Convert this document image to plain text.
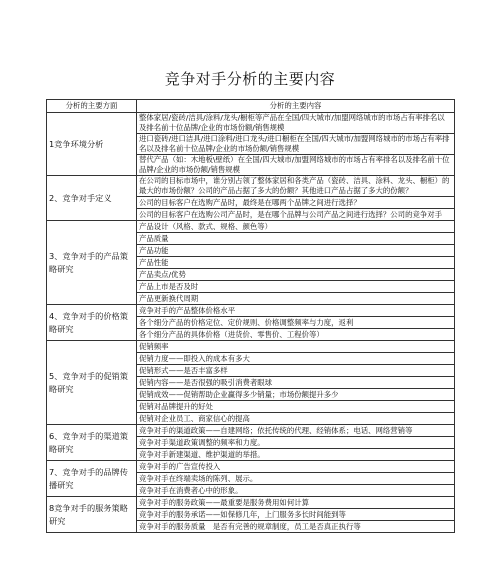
竞争对手分析的主要内容
分析的主要方面	分析的主要内容
1竞争环境分析	整体家居/瓷砖/洁具/涂料/龙头/橱柜等产品在全国/四大城市/加盟网络城市的市场占有率排名以及排名前十位品牌/企业的市场份额/销售规模
	进口瓷砖/进口洁具/进口涂料/进口龙头/进口橱柜在全国/四大城市/加盟网络城市的市场占有率排名以及排名前十位品牌/企业的市场份额/销售规模
	替代产品（如：木地板\壁纸）在全国/四大城市/加盟网络城市的市场占有率排名以及排名前十位品牌/企业的市场份额/销售规模
2、竞争对手定义	在公司的目标市场中，谁分别占领了整体家居和各类产品（瓷砖、洁具、涂料、龙头、橱柜）的最大的市场份额？公司的产品占据了多大的份额？其他进口产品占据了多大的份额？
	公司的目标客户在选购产品时，最终是在哪两个品牌之间进行选择？
	公司的目标客户在选购公司产品时，是在哪个品牌与公司产品之间进行选择？公司的竞争对手
3、竞争对手的产品策略研究	产品设计（风格、款式、规格、颜色等）
	产品质量
	产品功能
	产品性能
	产品卖点/优势
	产品上市是否及时
	产品更新换代周期
4、竞争对手的价格策略研究	竞争对手的产品整体价格水平
	各个细分产品的价格定位、定价规则、价格调整频率与力度，返利
	各个细分产品的具体价格（进货价、零售价、工程价等）
5、竞争对手的促销策略研究	促销频率
	促销力度——即投入的成本有多大
	促销形式——是否丰富多样
	促销内容——是否很强的吸引消费者眼球
	促销成效——促销帮助企业赢得多少销量；市场份额提升多少
	促销对品牌提升的好处
	促销对企业员工、商家信心的提高
6、竞争对手的渠道策略研究	竞争对手的渠道政策——自建网络；依托传统的代理、经销体系；电话、网络营销等
	竞争对手渠道政策调整的频率和力度。
	竞争对手新建渠道、维护渠道的举措。
7、竞争对手的品牌传播研究	竞争对手的广告宣传投入
	竞争对手在终端卖场的陈列、展示。
	竞争对手在消费者心中的形象。
8竞争对手的服务策略研究	竞争对手的服务政策——最重要是服务费用如何计算
	竞争对手的服务承诺——如保修几年，上门服务多长时间能到等
	竞争对手的服务质量　是否有完善的规章制度，员工是否真正执行等
